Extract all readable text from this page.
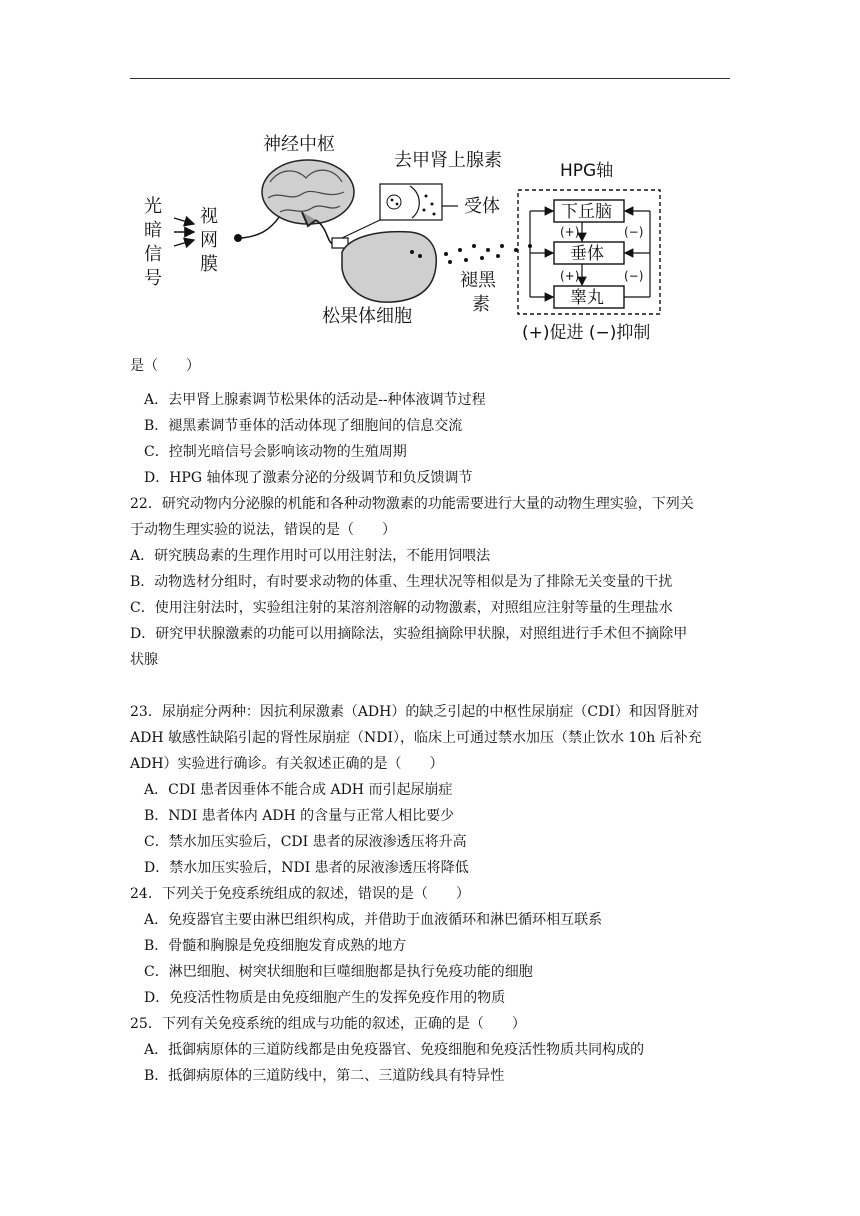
光
暗
信
号
视
网
膜
神经中枢
去甲肾上腺素
受体
松果体细胞
褪黑
素
HPG轴
下丘脑
垂体
睾丸
(+)	(−)
(+)	(−)
(+)促进 (−)抑制
是（　　）
A．去甲肾上腺素调节松果体的活动是--种体液调节过程
B．褪黑素调节垂体的活动体现了细胞间的信息交流
C．控制光暗信号会影响该动物的生殖周期
D．HPG 轴体现了激素分泌的分级调节和负反馈调节
22．研究动物内分泌腺的机能和各种动物激素的功能需要进行大量的动物生理实验，下列关
于动物生理实验的说法，错误的是（　　）
A．研究胰岛素的生理作用时可以用注射法，不能用饲喂法
B．动物选材分组时，有时要求动物的体重、生理状况等相似是为了排除无关变量的干扰
C．使用注射法时，实验组注射的某溶剂溶解的动物激素，对照组应注射等量的生理盐水
D．研究甲状腺激素的功能可以用摘除法，实验组摘除甲状腺，对照组进行手术但不摘除甲
状腺
23．尿崩症分两种：因抗利尿激素（ADH）的缺乏引起的中枢性尿崩症（CDI）和因肾脏对
ADH 敏感性缺陷引起的肾性尿崩症（NDI），临床上可通过禁水加压（禁止饮水 10h 后补充
ADH）实验进行确诊。有关叙述正确的是（　　）
A．CDI 患者因垂体不能合成 ADH 而引起尿崩症
B．NDI 患者体内 ADH 的含量与正常人相比要少
C．禁水加压实验后，CDI 患者的尿液渗透压将升高
D．禁水加压实验后，NDI 患者的尿液渗透压将降低
24．下列关于免疫系统组成的叙述，错误的是（　　）
A．免疫器官主要由淋巴组织构成，并借助于血液循环和淋巴循环相互联系
B．骨髓和胸腺是免疫细胞发育成熟的地方
C．淋巴细胞、树突状细胞和巨噬细胞都是执行免疫功能的细胞
D．免疫活性物质是由免疫细胞产生的发挥免疫作用的物质
25．下列有关免疫系统的组成与功能的叙述，正确的是（　　）
A．抵御病原体的三道防线都是由免疫器官、免疫细胞和免疫活性物质共同构成的
B．抵御病原体的三道防线中，第二、三道防线具有特异性
